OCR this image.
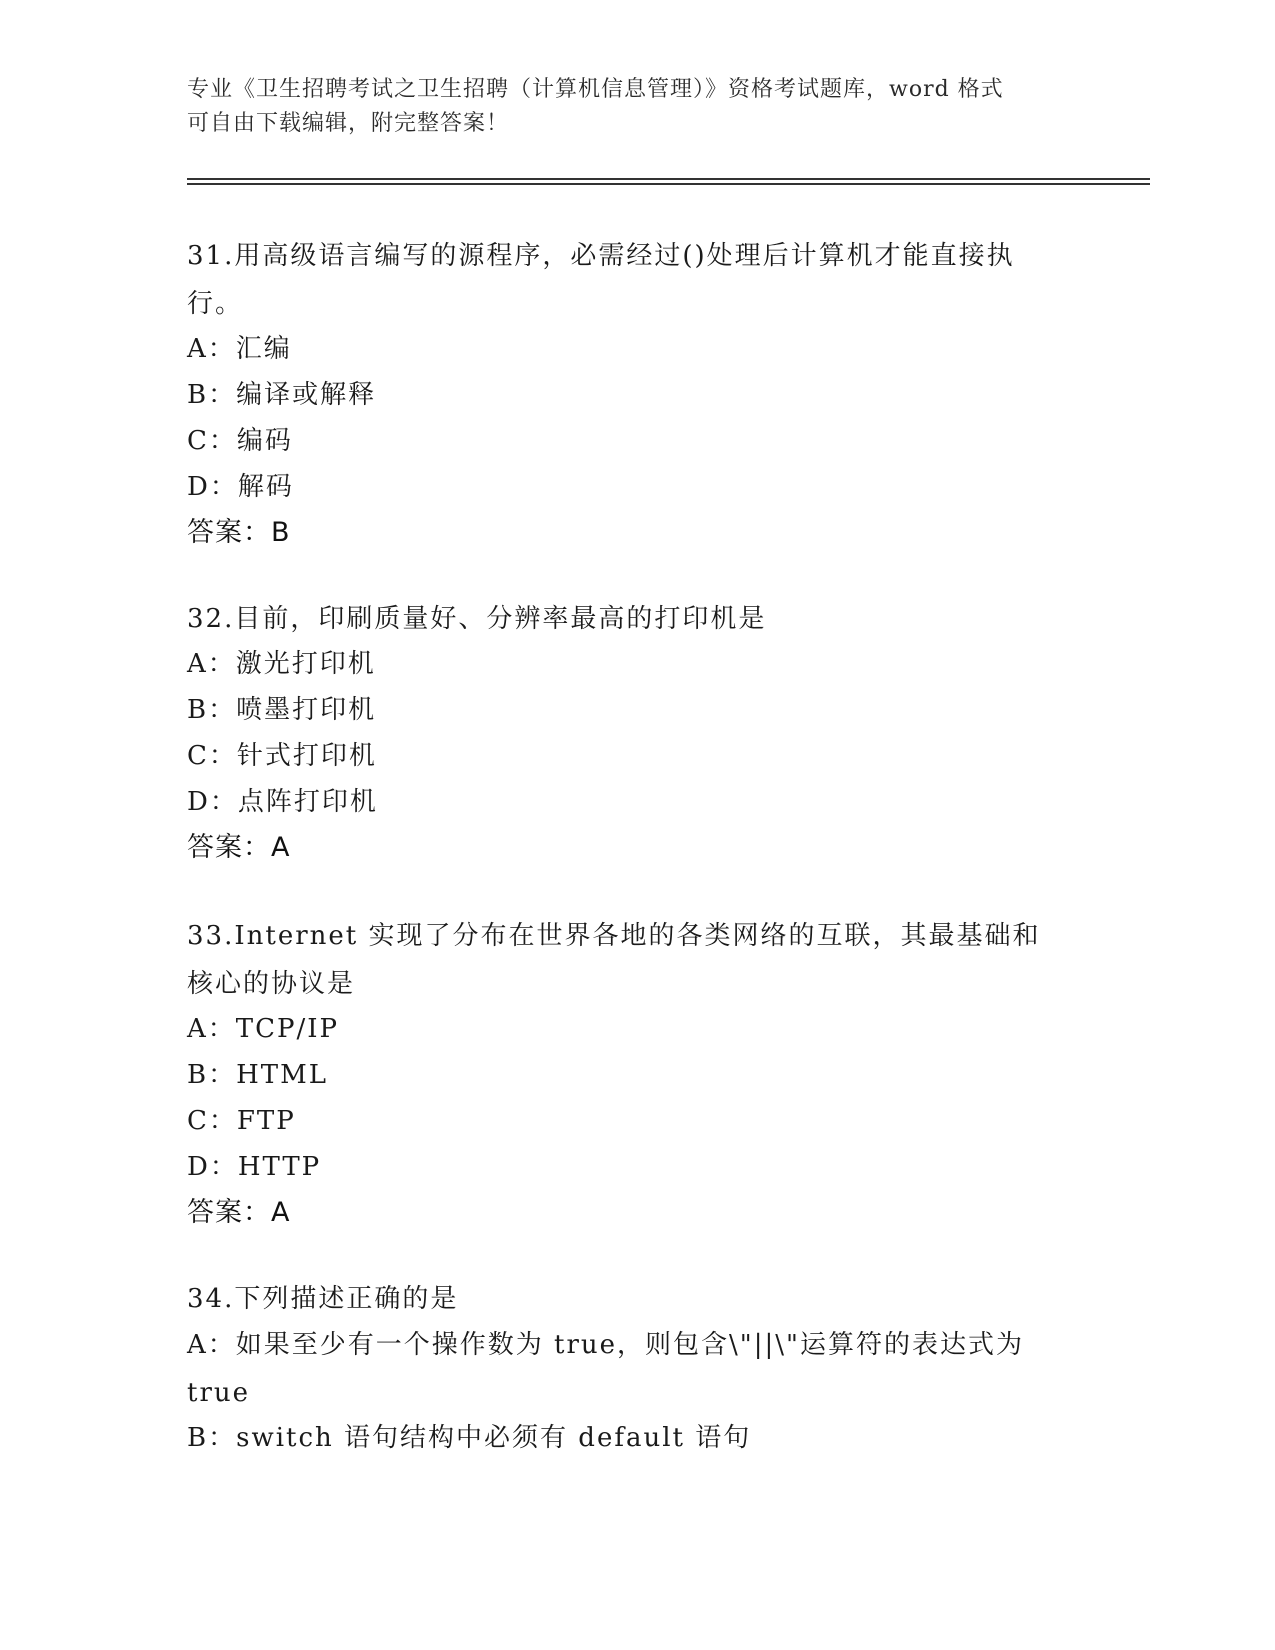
专业《卫生招聘考试之卫生招聘（计算机信息管理）》资格考试题库，word 格式
可自由下载编辑，附完整答案！
31.用高级语言编写的源程序，必需经过()处理后计算机才能直接执行。
A：汇编
B：编译或解释
C：编码
D：解码
答案：B
32.目前，印刷质量好、分辨率最高的打印机是
A：激光打印机
B：喷墨打印机
C：针式打印机
D：点阵打印机
答案：A
33.Internet 实现了分布在世界各地的各类网络的互联，其最基础和核心的协议是
A：TCP/IP
B：HTML
C：FTP
D：HTTP
答案：A
34.下列描述正确的是
A：如果至少有一个操作数为 true，则包含\"||\"运算符的表达式为 true
B：switch 语句结构中必须有 default 语句
